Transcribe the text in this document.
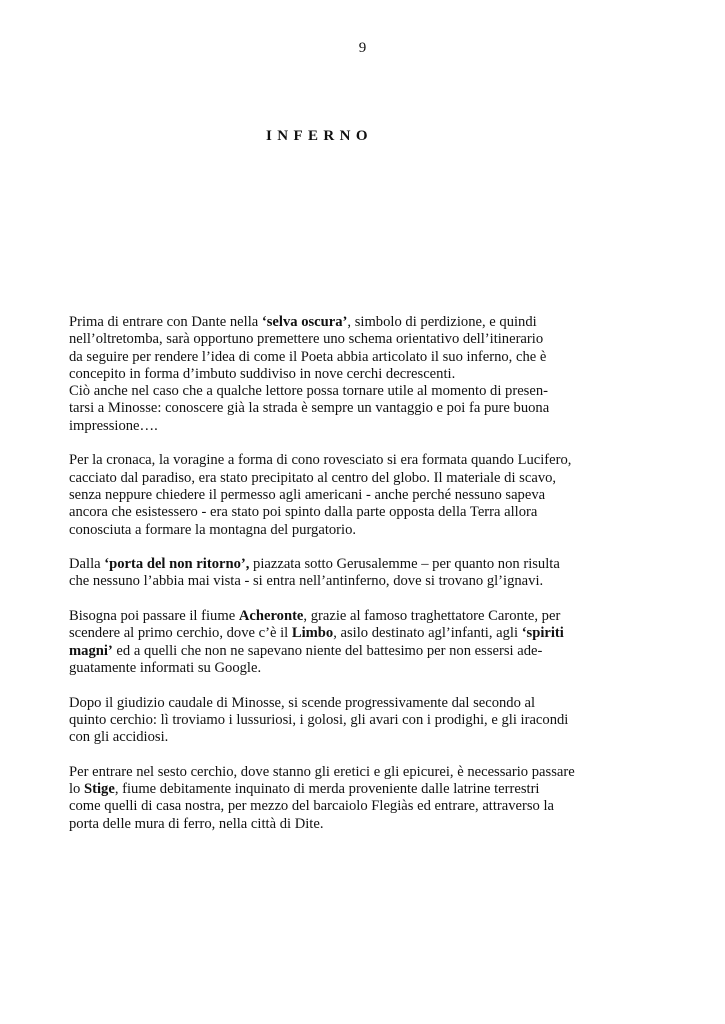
9
INFERNO
Prima di entrare con Dante nella ‘selva oscura’, simbolo di perdizione, e quindi
nell’oltretomba, sarà opportuno premettere uno schema orientativo dell’itinerario
da seguire per rendere l’idea di come il Poeta abbia articolato il suo inferno, che è
concepito in forma d’imbuto suddiviso in nove cerchi decrescenti.
Ciò anche nel caso che a qualche lettore possa tornare utile al momento di presen-
tarsi a Minosse: conoscere già la strada è sempre un vantaggio e poi fa pure buona
impressione….
Per la cronaca, la voragine a forma di cono rovesciato si era formata quando Lucifero,
cacciato dal paradiso, era stato precipitato al centro del globo. Il materiale di scavo,
senza neppure chiedere il permesso agli americani - anche perché nessuno sapeva
ancora che esistessero - era stato poi spinto dalla parte opposta della Terra allora
conosciuta a formare la montagna del purgatorio.
Dalla ‘porta del non ritorno’, piazzata sotto Gerusalemme – per quanto non risulta
che nessuno l’abbia mai vista - si entra nell’antinferno, dove si trovano gl’ignavi.
Bisogna poi passare il fiume Acheronte, grazie al famoso traghettatore Caronte, per
scendere al primo cerchio, dove c’è il Limbo, asilo destinato agl’infanti, agli ‘spiriti
magni’ ed a quelli che non ne sapevano niente del battesimo per non essersi ade-
guatamente informati su Google.
Dopo il giudizio caudale di Minosse, si scende progressivamente dal secondo al
quinto cerchio: lì troviamo i lussuriosi, i golosi, gli avari con i prodighi, e gli iracondi
con gli accidiosi.
Per entrare nel sesto cerchio, dove stanno gli eretici e gli epicurei, è necessario passare
lo Stige, fiume debitamente inquinato di merda proveniente dalle latrine terrestri
come quelli di casa nostra, per mezzo del barcaiolo Flegiàs ed entrare, attraverso la
porta delle mura di ferro, nella città di Dite.
